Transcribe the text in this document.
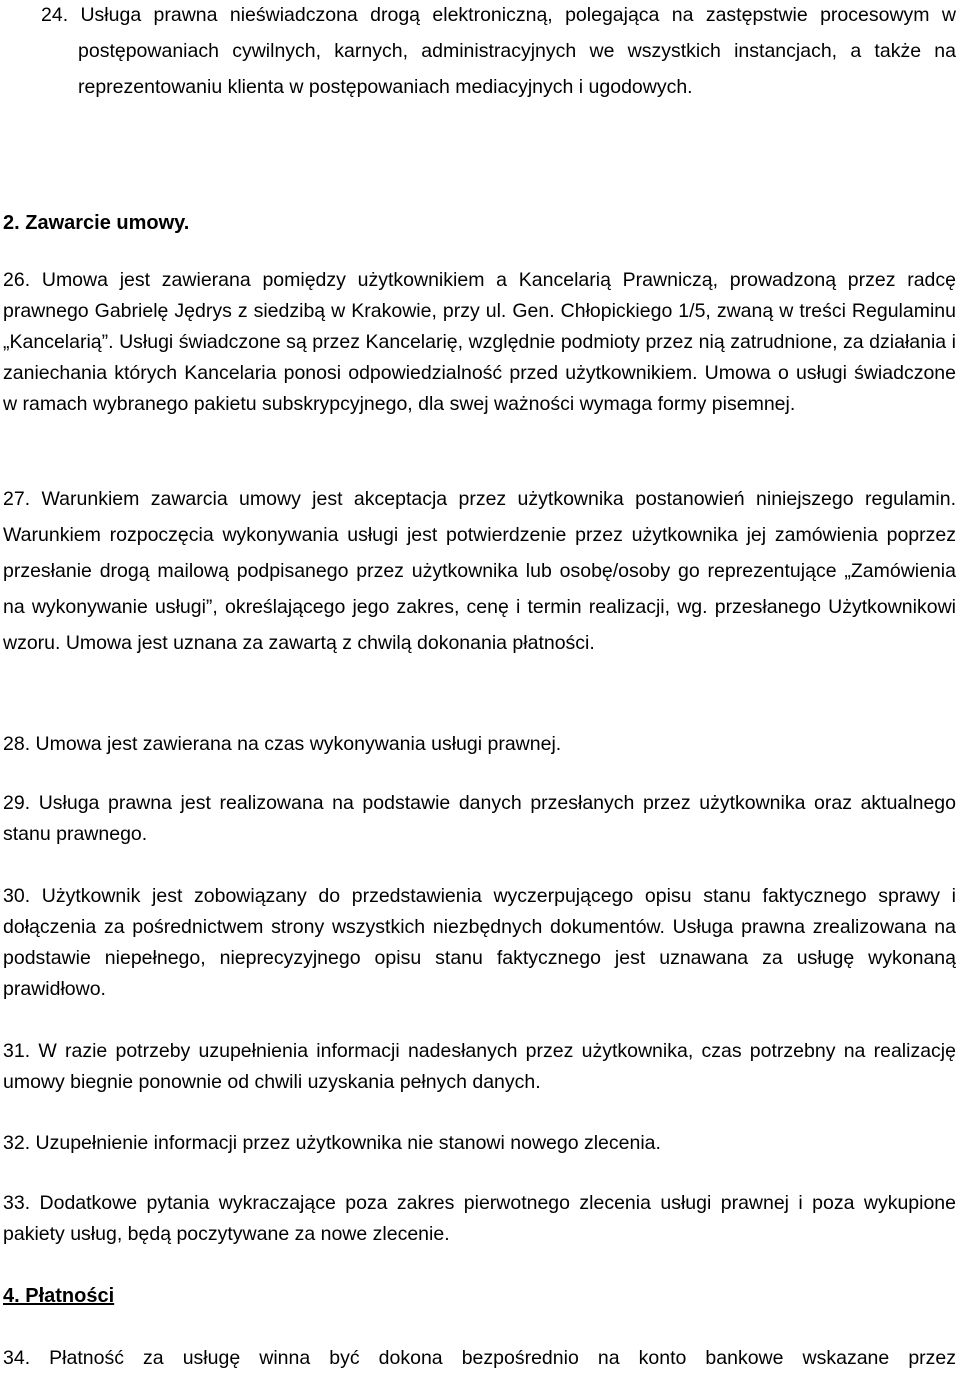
24. Usługa prawna nieświadczona drogą elektroniczną, polegająca na zastępstwie procesowym w postępowaniach cywilnych, karnych, administracyjnych we wszystkich instancjach, a także na reprezentowaniu klienta w postępowaniach mediacyjnych i ugodowych.

2. Zawarcie umowy.

26. Umowa jest zawierana pomiędzy użytkownikiem a Kancelarią Prawniczą, prowadzoną przez radcę prawnego Gabrielę Jędrys z siedzibą w Krakowie, przy ul. Gen. Chłopickiego 1/5, zwaną w treści Regulaminu „Kancelarią”. Usługi świadczone są przez Kancelarię, względnie podmioty przez nią zatrudnione, za działania i zaniechania których Kancelaria ponosi odpowiedzialność przed użytkownikiem. Umowa o usługi świadczone w ramach wybranego pakietu subskrypcyjnego, dla swej ważności wymaga formy pisemnej.

27. Warunkiem zawarcia umowy jest akceptacja przez użytkownika postanowień niniejszego regulamin. Warunkiem rozpoczęcia wykonywania usługi jest potwierdzenie przez użytkownika jej zamówienia poprzez przesłanie drogą mailową podpisanego przez użytkownika lub osobę/osoby go reprezentujące „Zamówienia na wykonywanie usługi”, określającego jego zakres, cenę i termin realizacji, wg. przesłanego Użytkownikowi wzoru. Umowa jest uznana za zawartą z chwilą dokonania płatności.

28. Umowa jest zawierana na czas wykonywania usługi prawnej.

29. Usługa prawna jest realizowana na podstawie danych przesłanych przez użytkownika oraz aktualnego stanu prawnego.

30. Użytkownik jest zobowiązany do przedstawienia wyczerpującego opisu stanu faktycznego sprawy i dołączenia za pośrednictwem strony wszystkich niezbędnych dokumentów. Usługa prawna zrealizowana na podstawie niepełnego, nieprecyzyjnego opisu stanu faktycznego jest uznawana za usługę wykonaną prawidłowo.

31. W razie potrzeby uzupełnienia informacji nadesłanych przez użytkownika, czas potrzebny na realizację umowy biegnie ponownie od chwili uzyskania pełnych danych.

32. Uzupełnienie informacji przez użytkownika nie stanowi nowego zlecenia.

33. Dodatkowe pytania wykraczające poza zakres pierwotnego zlecenia usługi prawnej i poza wykupione pakiety usług, będą poczytywane za nowe zlecenie.

4. Płatności

34. Płatność za usługę winna być dokona bezpośrednio na konto bankowe wskazane przez
